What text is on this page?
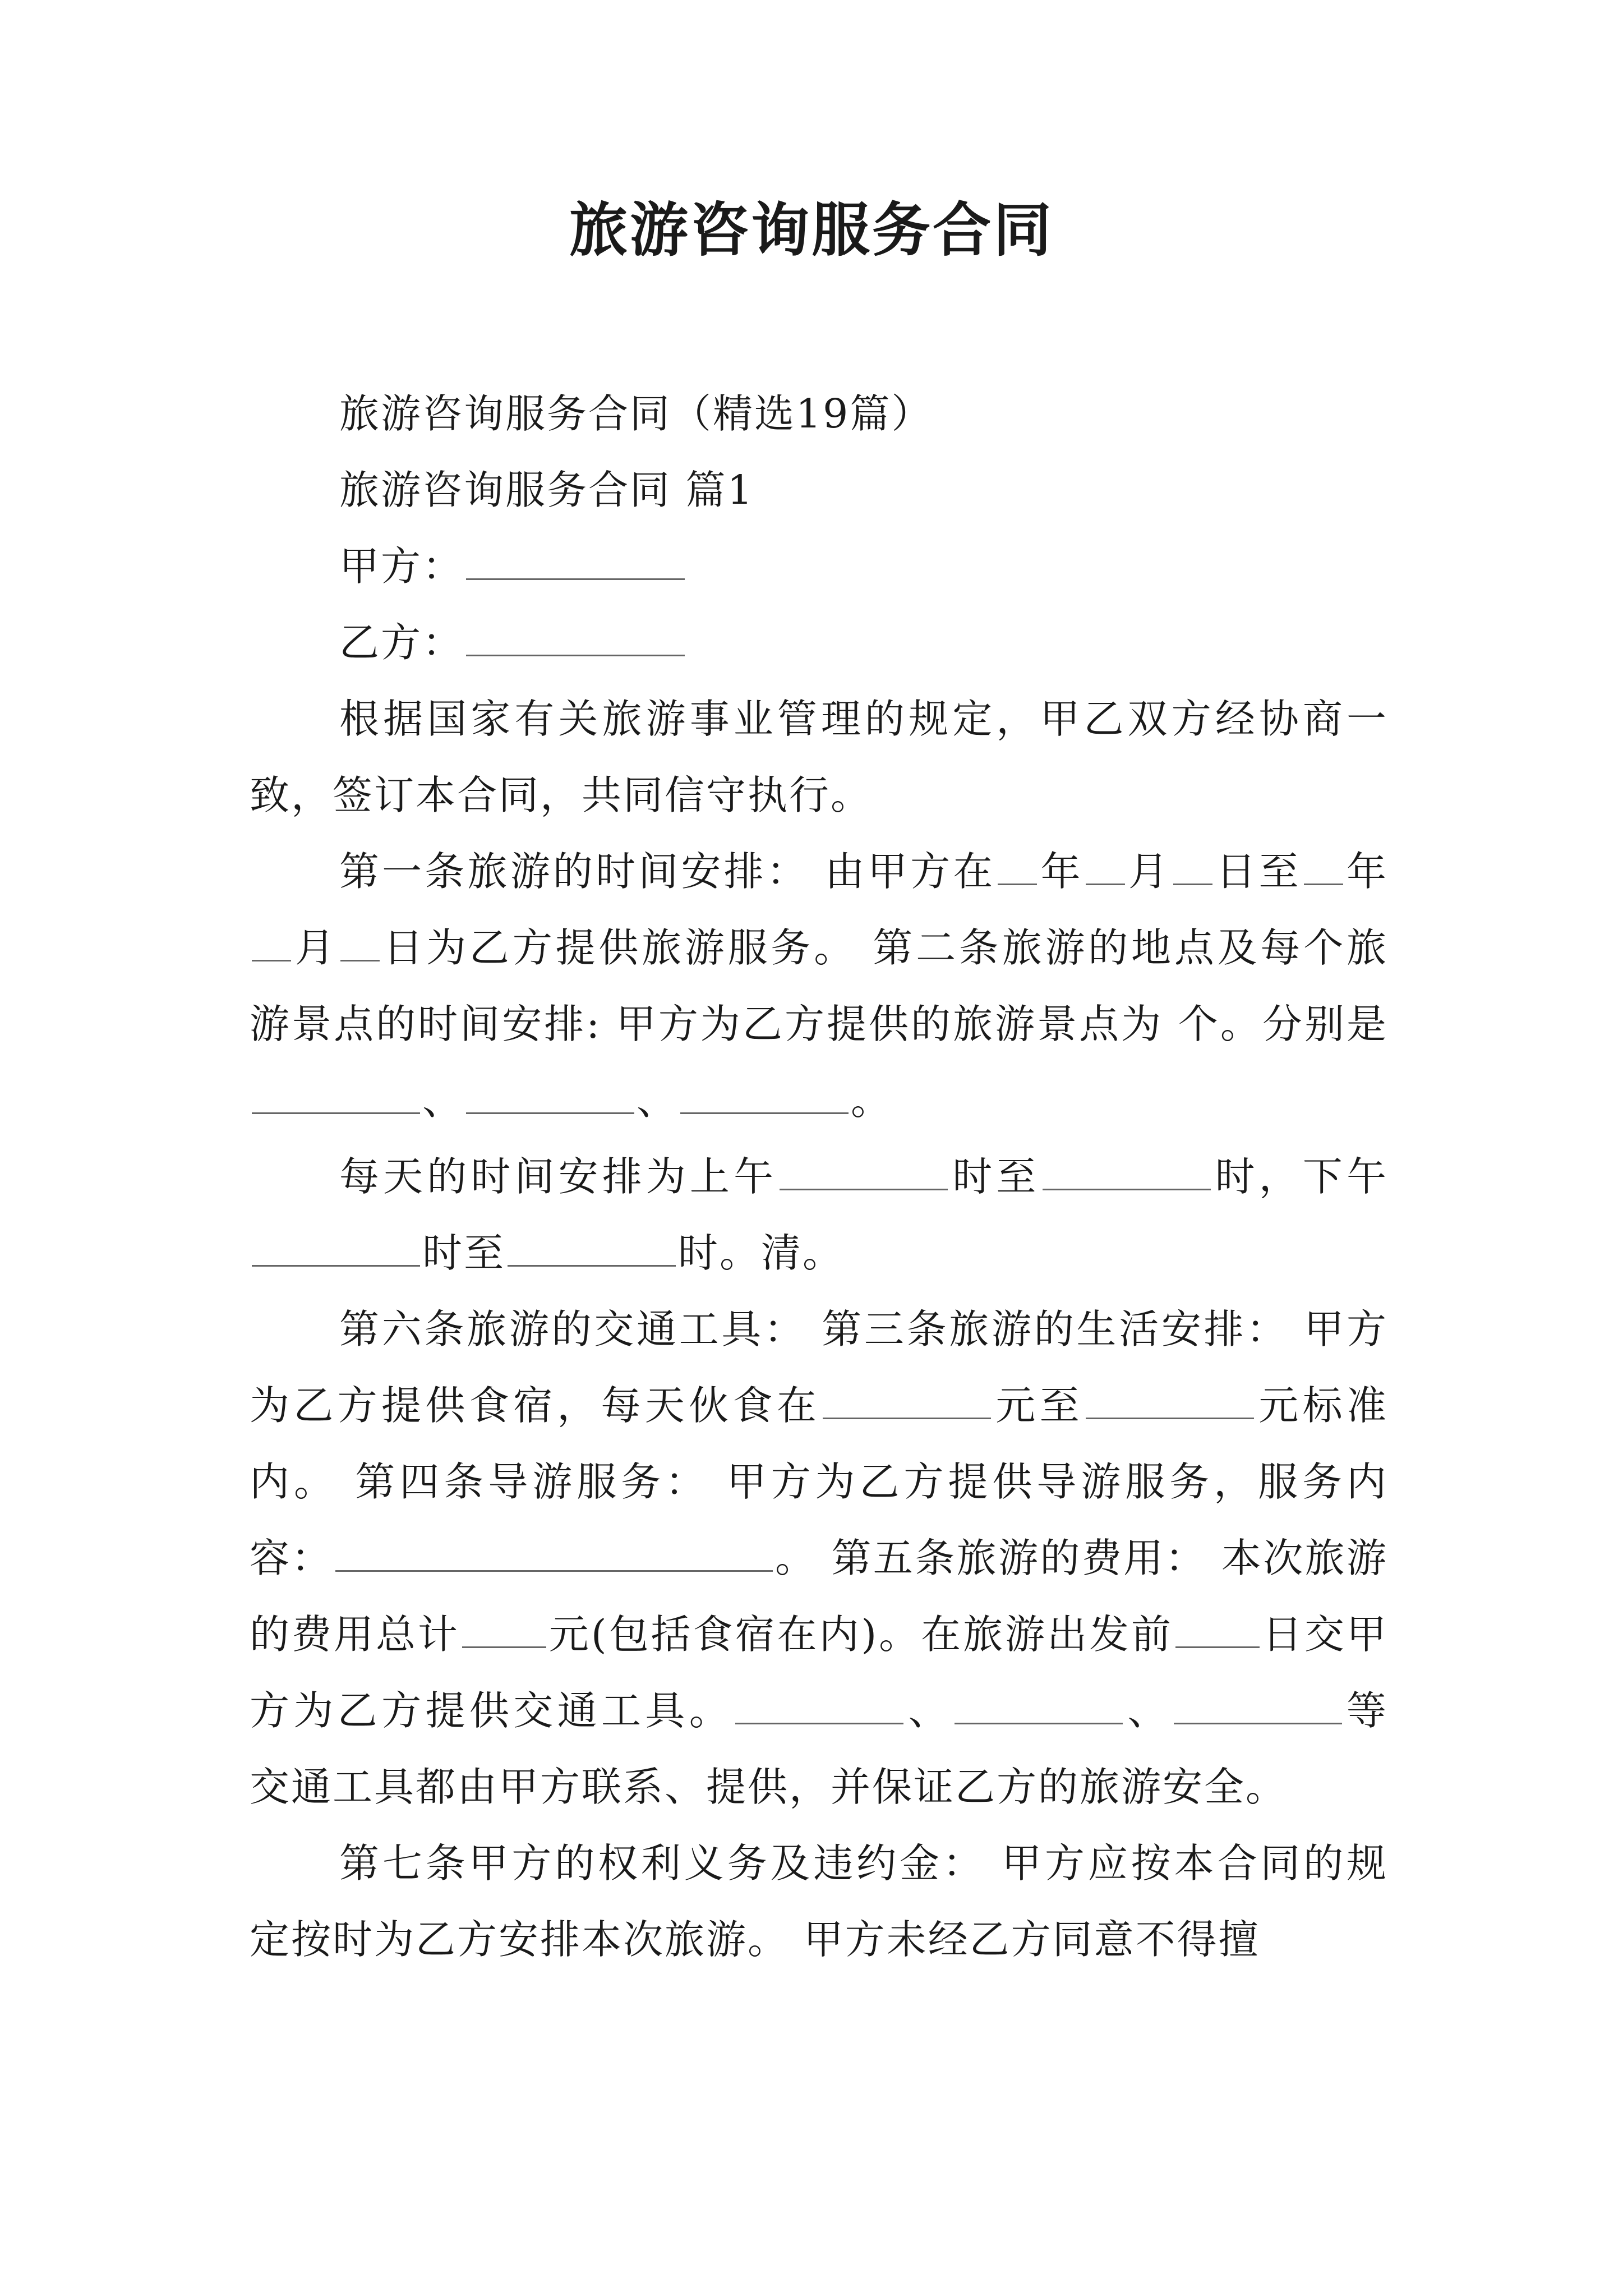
旅游咨询服务合同

旅游咨询服务合同（精选19篇）

旅游咨询服务合同 篇1

甲方：

乙方：

根据国家有关旅游事业管理的规定，甲乙双方经协商一致，签订本合同，共同信守执行。

第一条旅游的时间安排： 由甲方在 年 月 日至 年月 日为乙方提供旅游服务。 第二条旅游的地点及每个旅游景点的时间安排: 甲方为乙方提供的旅游景点为 个。分别是、	、	。

每天的时间安排为上午	时至	时，下午时至	时。清。

第六条旅游的交通工具： 第三条旅游的生活安排： 甲方为乙方提供食宿，每天伙食在	元至	元标准内。 第四条导游服务： 甲方为乙方提供导游服务，服务内容：	。 第五条旅游的费用： 本次旅游的费用总计 元(包括食宿在内)。在旅游出发前 日交甲方为乙方提供交通工具。	、	、	等交通工具都由甲方联系、提供，并保证乙方的旅游安全。

第七条甲方的权利义务及违约金： 甲方应按本合同的规定按时为乙方安排本次旅游。 甲方未经乙方同意不得擅
